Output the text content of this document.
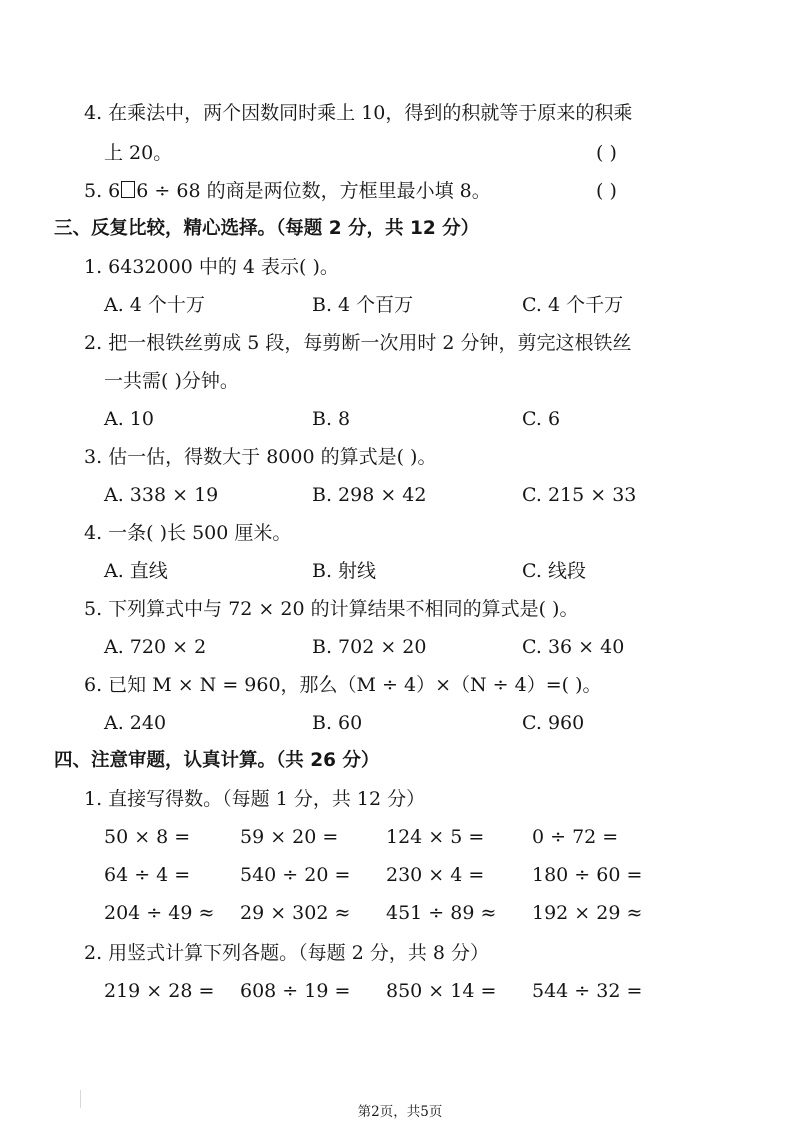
4. 在乘法中，两个因数同时乘上 10，得到的积就等于原来的积乘
上 20。	( )
5. 6 6 ÷ 68 的商是两位数，方框里最小填 8。	( )
三、反复比较，精心选择。（每题 2 分，共 12 分）
1. 6432000 中的 4 表示( )。
A. 4 个十万	B. 4 个百万	C. 4 个千万
2. 把一根铁丝剪成 5 段，每剪断一次用时 2 分钟，剪完这根铁丝
一共需( )分钟。
A. 10	B. 8	C. 6
3. 估一估，得数大于 8000 的算式是( )。
A. 338 × 19	B. 298 × 42	C. 215 × 33
4. 一条( )长 500 厘米。
A. 直线	B. 射线	C. 线段
5. 下列算式中与 72 × 20 的计算结果不相同的算式是( )。
A. 720 × 2	B. 702 × 20	C. 36 × 40
6. 已知 M × N = 960，那么（M ÷ 4）×（N ÷ 4）=( )。
A. 240	B. 60	C. 960
四、注意审题，认真计算。（共 26 分）
1. 直接写得数。（每题 1 分，共 12 分）
50 × 8 =	59 × 20 =	124 × 5 =	0 ÷ 72 =
64 ÷ 4 =	540 ÷ 20 = 230 × 4 =	180 ÷ 60 =
204 ÷ 49 ≈ 29 × 302 ≈ 451 ÷ 89 ≈ 192 × 29 ≈
2. 用竖式计算下列各题。（每题 2 分，共 8 分）
219 × 28 = 608 ÷ 19 = 850 × 14 = 544 ÷ 32 =
第2页，共5页
